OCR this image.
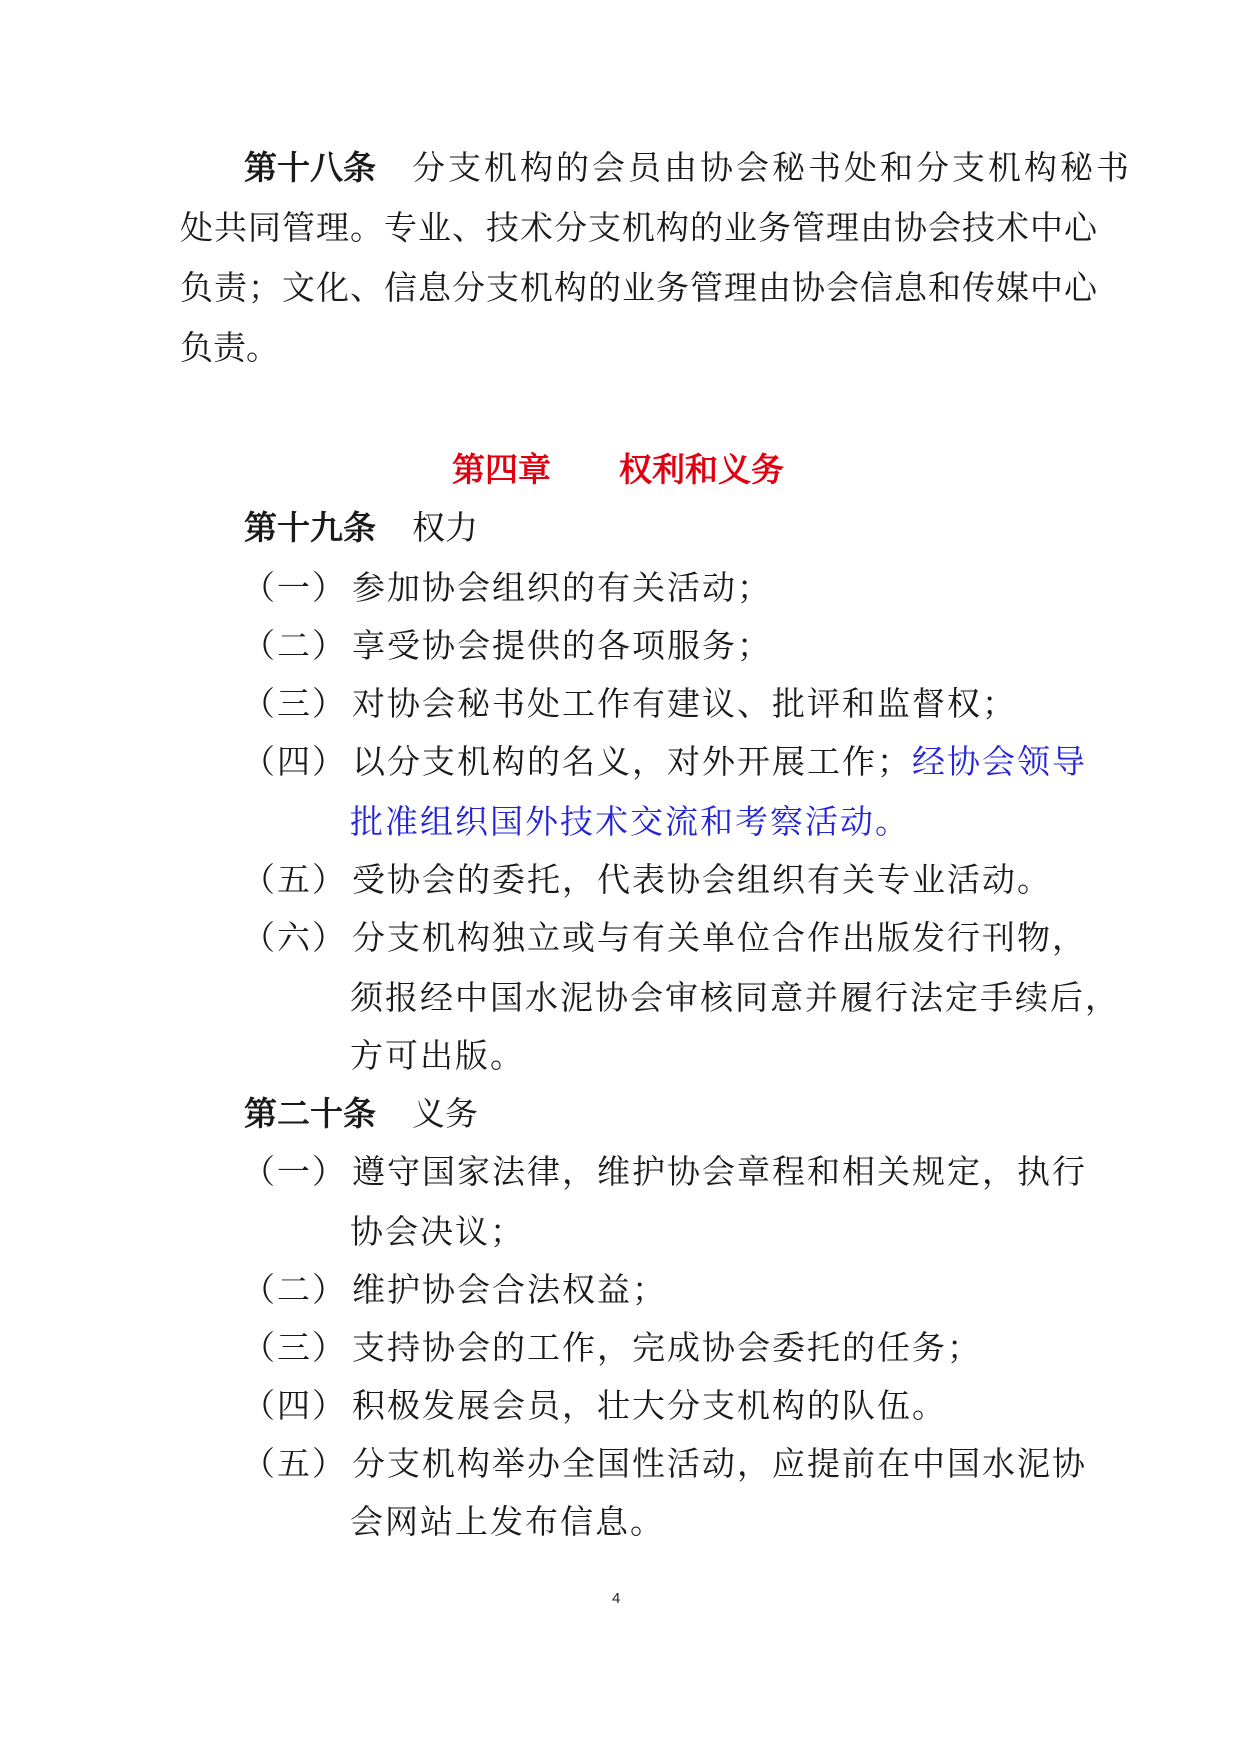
第十八条 分支机构的会员由协会秘书处和分支机构秘书
处共同管理。专业、技术分支机构的业务管理由协会技术中心
负责；文化、信息分支机构的业务管理由协会信息和传媒中心
负责。
第四章 权利和义务
第十九条 权力
（一） 参加协会组织的有关活动；
（二） 享受协会提供的各项服务；
（三） 对协会秘书处工作有建议、批评和监督权；
（四） 以分支机构的名义，对外开展工作；经协会领导
批准组织国外技术交流和考察活动。
（五） 受协会的委托，代表协会组织有关专业活动。
（六） 分支机构独立或与有关单位合作出版发行刊物，
须报经中国水泥协会审核同意并履行法定手续后，
方可出版。
第二十条 义务
（一） 遵守国家法律，维护协会章程和相关规定，执行
协会决议；
（二） 维护协会合法权益；
（三） 支持协会的工作，完成协会委托的任务；
（四） 积极发展会员，壮大分支机构的队伍。
（五） 分支机构举办全国性活动，应提前在中国水泥协
会网站上发布信息。
4
